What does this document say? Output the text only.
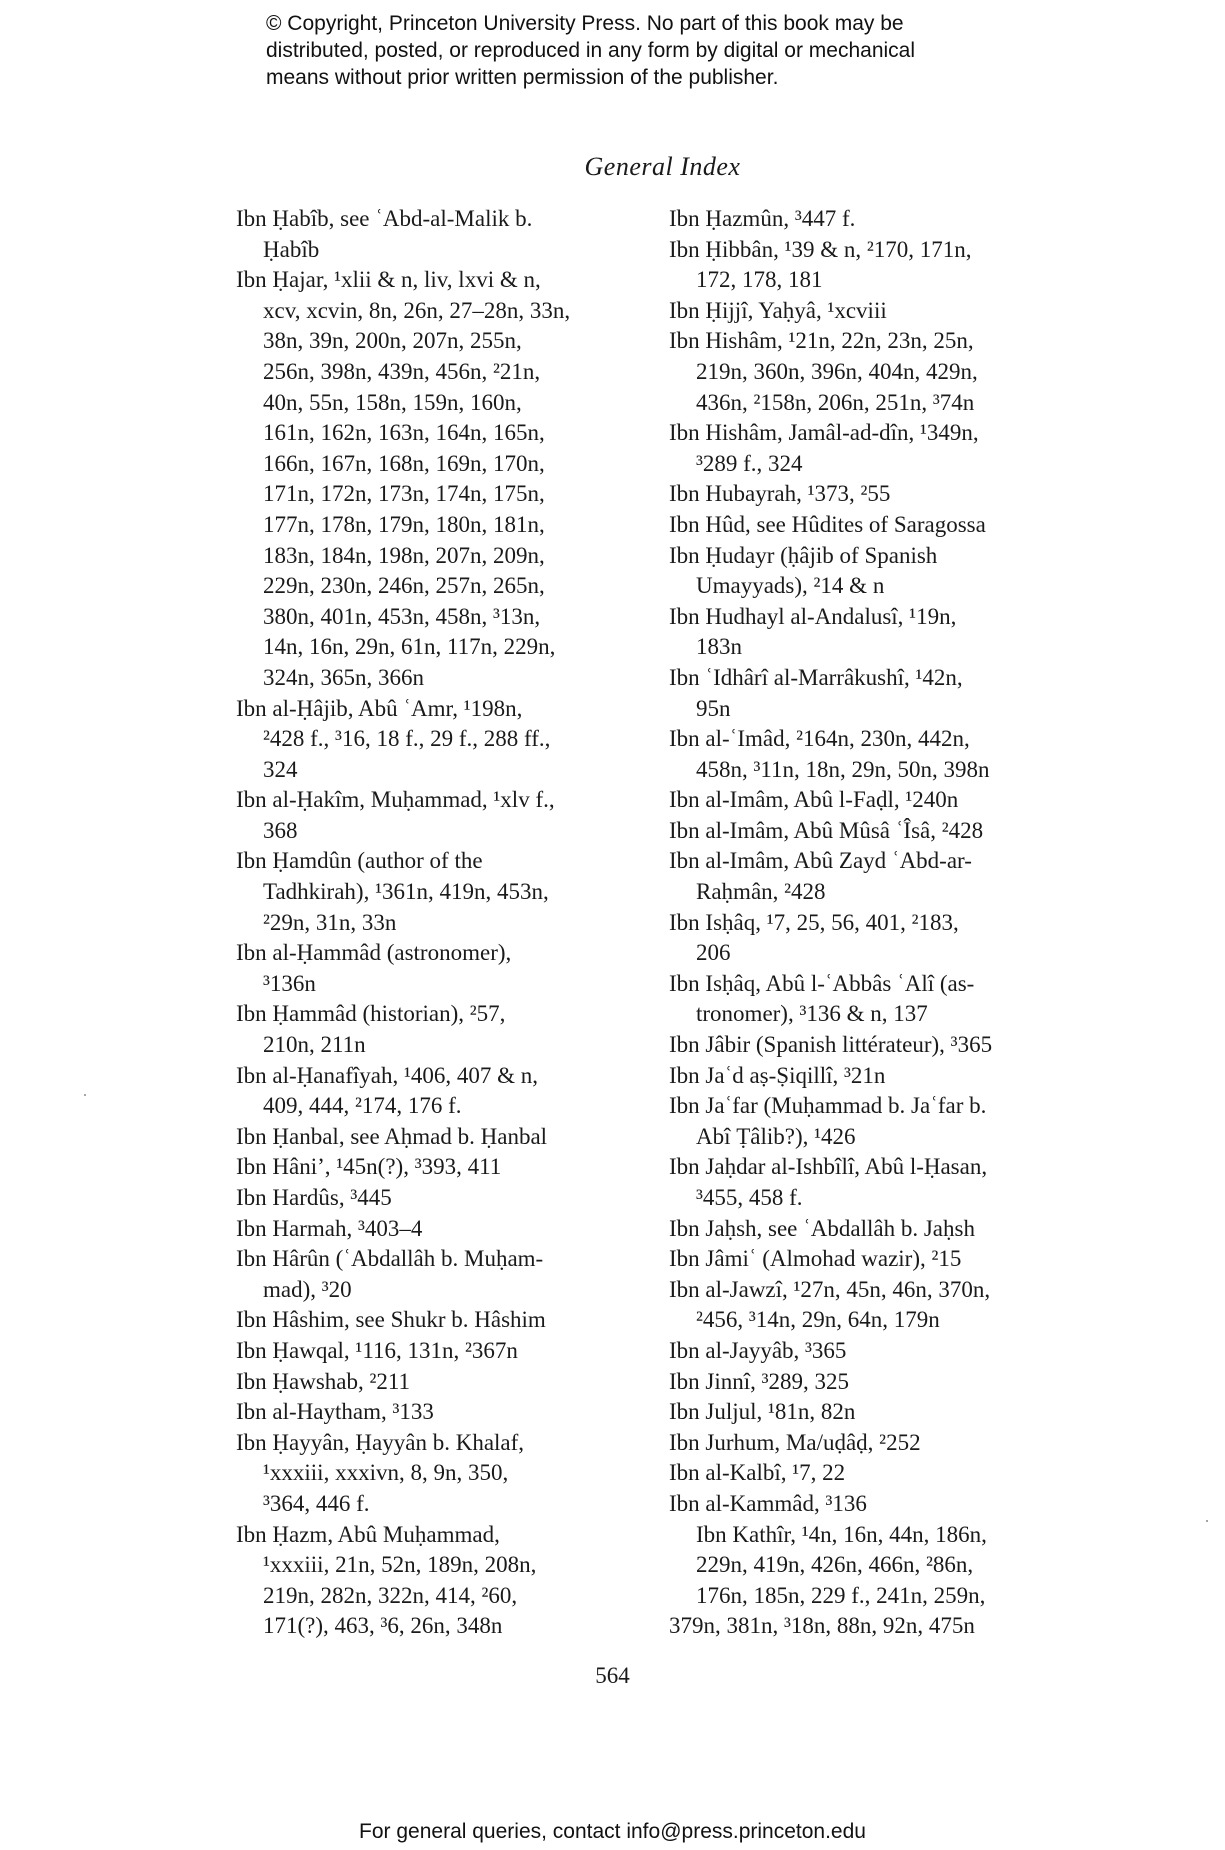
© Copyright, Princeton University Press. No part of this book may be
distributed, posted, or reproduced in any form by digital or mechanical
means without prior written permission of the publisher.
General Index
Ibn Ḥabîb, see ʿAbd-al-Malik b.
Ḥabîb
Ibn Ḥajar, ¹xlii & n, liv, lxvi & n,
xcv, xcvin, 8n, 26n, 27–28n, 33n,
38n, 39n, 200n, 207n, 255n,
256n, 398n, 439n, 456n, ²21n,
40n, 55n, 158n, 159n, 160n,
161n, 162n, 163n, 164n, 165n,
166n, 167n, 168n, 169n, 170n,
171n, 172n, 173n, 174n, 175n,
177n, 178n, 179n, 180n, 181n,
183n, 184n, 198n, 207n, 209n,
229n, 230n, 246n, 257n, 265n,
380n, 401n, 453n, 458n, ³13n,
14n, 16n, 29n, 61n, 117n, 229n,
324n, 365n, 366n
Ibn al-Ḥâjib, Abû ʿAmr, ¹198n,
²428 f., ³16, 18 f., 29 f., 288 ff.,
324
Ibn al-Ḥakîm, Muḥammad, ¹xlv f.,
368
Ibn Ḥamdûn (author of the
Tadhkirah), ¹361n, 419n, 453n,
²29n, 31n, 33n
Ibn al-Ḥammâd (astronomer),
³136n
Ibn Ḥammâd (historian), ²57,
210n, 211n
Ibn al-Ḥanafîyah, ¹406, 407 & n,
409, 444, ²174, 176 f.
Ibn Ḥanbal, see Aḥmad b. Ḥanbal
Ibn Hâni’, ¹45n(?), ³393, 411
Ibn Hardûs, ³445
Ibn Harmah, ³403–4
Ibn Hârûn (ʿAbdallâh b. Muḥam-
mad), ³20
Ibn Hâshim, see Shukr b. Hâshim
Ibn Ḥawqal, ¹116, 131n, ²367n
Ibn Ḥawshab, ²211
Ibn al-Haytham, ³133
Ibn Ḥayyân, Ḥayyân b. Khalaf,
¹xxxiii, xxxivn, 8, 9n, 350,
³364, 446 f.
Ibn Ḥazm, Abû Muḥammad,
¹xxxiii, 21n, 52n, 189n, 208n,
219n, 282n, 322n, 414, ²60,
171(?), 463, ³6, 26n, 348n
Ibn Ḥazmûn, ³447 f.
Ibn Ḥibbân, ¹39 & n, ²170, 171n,
172, 178, 181
Ibn Ḥijjî, Yaḥyâ, ¹xcviii
Ibn Hishâm, ¹21n, 22n, 23n, 25n,
219n, 360n, 396n, 404n, 429n,
436n, ²158n, 206n, 251n, ³74n
Ibn Hishâm, Jamâl-ad-dîn, ¹349n,
³289 f., 324
Ibn Hubayrah, ¹373, ²55
Ibn Hûd, see Hûdites of Saragossa
Ibn Ḥudayr (ḥâjib of Spanish
Umayyads), ²14 & n
Ibn Hudhayl al-Andalusî, ¹19n,
183n
Ibn ʿIdhârî al-Marrâkushî, ¹42n,
95n
Ibn al-ʿImâd, ²164n, 230n, 442n,
458n, ³11n, 18n, 29n, 50n, 398n
Ibn al-Imâm, Abû l-Faḍl, ¹240n
Ibn al-Imâm, Abû Mûsâ ʿÎsâ, ²428
Ibn al-Imâm, Abû Zayd ʿAbd-ar-
Raḥmân, ²428
Ibn Isḥâq, ¹7, 25, 56, 401, ²183,
206
Ibn Isḥâq, Abû l-ʿAbbâs ʿAlî (as-
tronomer), ³136 & n, 137
Ibn Jâbir (Spanish littérateur), ³365
Ibn Jaʿd aṣ-Ṣiqillî, ³21n
Ibn Jaʿfar (Muḥammad b. Jaʿfar b.
Abî Ṭâlib?), ¹426
Ibn Jaḥdar al-Ishbîlî, Abû l-Ḥasan,
³455, 458 f.
Ibn Jaḥsh, see ʿAbdallâh b. Jaḥsh
Ibn Jâmiʿ (Almohad wazir), ²15
Ibn al-Jawzî, ¹27n, 45n, 46n, 370n,
²456, ³14n, 29n, 64n, 179n
Ibn al-Jayyâb, ³365
Ibn Jinnî, ³289, 325
Ibn Juljul, ¹81n, 82n
Ibn Jurhum, Ma/uḍâḍ, ²252
Ibn al-Kalbî, ¹7, 22
Ibn al-Kammâd, ³136
Ibn Kathîr, ¹4n, 16n, 44n, 186n,
229n, 419n, 426n, 466n, ²86n,
176n, 185n, 229 f., 241n, 259n,
379n, 381n, ³18n, 88n, 92n, 475n
564
For general queries, contact info@press.princeton.edu
